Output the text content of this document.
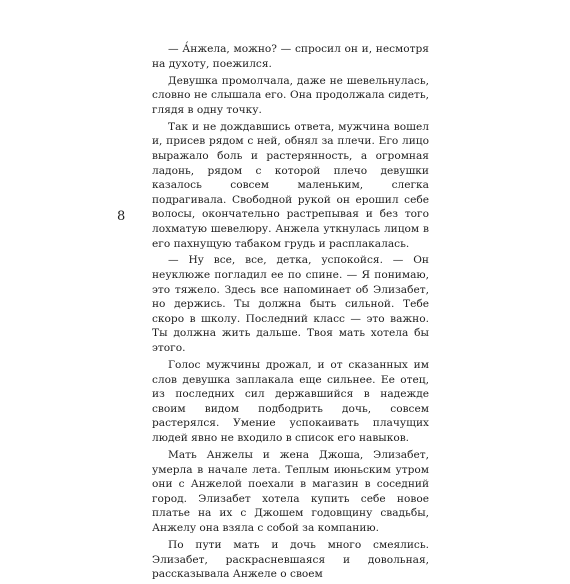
8

— А́нжела, можно? — спросил он и, несмотря на духоту, поежился.

Девушка промолчала, даже не шевельнулась, словно не слышала его. Она продолжала сидеть, глядя в одну точку.

Так и не дождавшись ответа, мужчина вошел и, присев рядом с ней, обнял за плечи. Его лицо выражало боль и растерянность, а огромная ладонь, рядом с которой плечо девушки казалось совсем маленьким, слегка подрагивала. Свободной рукой он ерошил себе волосы, окончательно растрепывая и без того лохматую шевелюру. Анжела уткнулась лицом в его пахнущую табаком грудь и расплакалась.

— Ну все, все, детка, успокойся. — Он неуклюже погладил ее по спине. — Я понимаю, это тяжело. Здесь все напоминает об Элизабет, но держись. Ты должна быть сильной. Тебе скоро в школу. Последний класс — это важно. Ты должна жить дальше. Твоя мать хотела бы этого.

Голос мужчины дрожал, и от сказанных им слов девушка заплакала еще сильнее. Ее отец, из последних сил державшийся в надежде своим видом подбодрить дочь, совсем растерялся. Умение успокаивать плачущих людей явно не входило в список его навыков.

Мать Анжелы и жена Джоша, Элизабет, умерла в начале лета. Теплым июньским утром они с Анжелой поехали в магазин в соседний город. Элизабет хотела купить себе новое платье на их с Джошем годовщину свадьбы, Анжелу она взяла с собой за компанию.

По пути мать и дочь много смеялись. Элизабет, раскрасневшаяся и довольная, рассказывала Анжеле о своем
